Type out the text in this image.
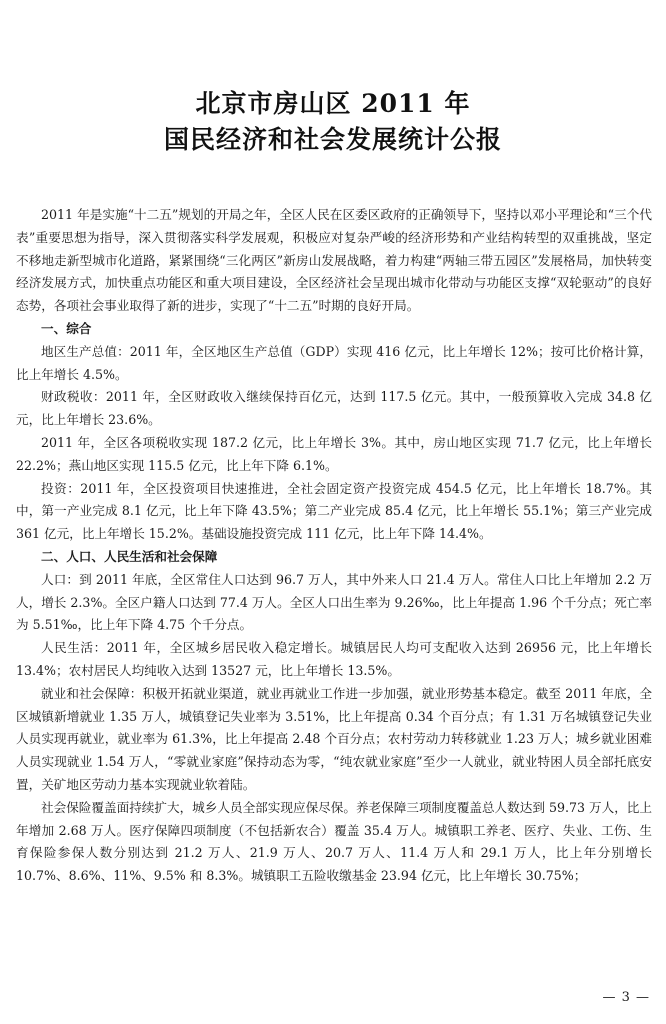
北京市房山区 2011 年
国民经济和社会发展统计公报

2011 年是实施“十二五”规划的开局之年，全区人民在区委区政府的正确领导下，坚持以邓小平理论和“三个代表”重要思想为指导，深入贯彻落实科学发展观，积极应对复杂严峻的经济形势和产业结构转型的双重挑战，坚定不移地走新型城市化道路，紧紧围绕“三化两区”新房山发展战略，着力构建“两轴三带五园区”发展格局，加快转变经济发展方式，加快重点功能区和重大项目建设，全区经济社会呈现出城市化带动与功能区支撑“双轮驱动”的良好态势，各项社会事业取得了新的进步，实现了“十二五”时期的良好开局。

一、综合

地区生产总值：2011 年，全区地区生产总值（GDP）实现 416 亿元，比上年增长 12%；按可比价格计算，比上年增长 4.5%。

财政税收：2011 年，全区财政收入继续保持百亿元，达到 117.5 亿元。其中，一般预算收入完成 34.8 亿元，比上年增长 23.6%。

2011 年，全区各项税收实现 187.2 亿元，比上年增长 3%。其中，房山地区实现 71.7 亿元，比上年增长 22.2%；燕山地区实现 115.5 亿元，比上年下降 6.1%。

投资：2011 年，全区投资项目快速推进，全社会固定资产投资完成 454.5 亿元，比上年增长 18.7%。其中，第一产业完成 8.1 亿元，比上年下降 43.5%；第二产业完成 85.4 亿元，比上年增长 55.1%；第三产业完成 361 亿元，比上年增长 15.2%。基础设施投资完成 111 亿元，比上年下降 14.4%。

二、人口、人民生活和社会保障

人口：到 2011 年底，全区常住人口达到 96.7 万人，其中外来人口 21.4 万人。常住人口比上年增加 2.2 万人，增长 2.3%。全区户籍人口达到 77.4 万人。全区人口出生率为 9.26‰，比上年提高 1.96 个千分点；死亡率为 5.51‰，比上年下降 4.75 个千分点。

人民生活：2011 年，全区城乡居民收入稳定增长。城镇居民人均可支配收入达到 26956 元，比上年增长 13.4%；农村居民人均纯收入达到 13527 元，比上年增长 13.5%。

就业和社会保障：积极开拓就业渠道，就业再就业工作进一步加强，就业形势基本稳定。截至 2011 年底，全区城镇新增就业 1.35 万人，城镇登记失业率为 3.51%，比上年提高 0.34 个百分点；有 1.31 万名城镇登记失业人员实现再就业，就业率为 61.3%，比上年提高 2.48 个百分点；农村劳动力转移就业 1.23 万人；城乡就业困难人员实现就业 1.54 万人，“零就业家庭”保持动态为零，“纯农就业家庭”至少一人就业，就业特困人员全部托底安置，关矿地区劳动力基本实现就业软着陆。

社会保险覆盖面持续扩大，城乡人员全部实现应保尽保。养老保障三项制度覆盖总人数达到 59.73 万人，比上年增加 2.68 万人。医疗保障四项制度（不包括新农合）覆盖 35.4 万人。城镇职工养老、医疗、失业、工伤、生育保险参保人数分别达到 21.2 万人、21.9 万人、20.7 万人、11.4 万人和 29.1 万人，比上年分别增长 10.7%、8.6%、11%、9.5% 和 8.3%。城镇职工五险收缴基金 23.94 亿元，比上年增长 30.75%；

— 3 —
